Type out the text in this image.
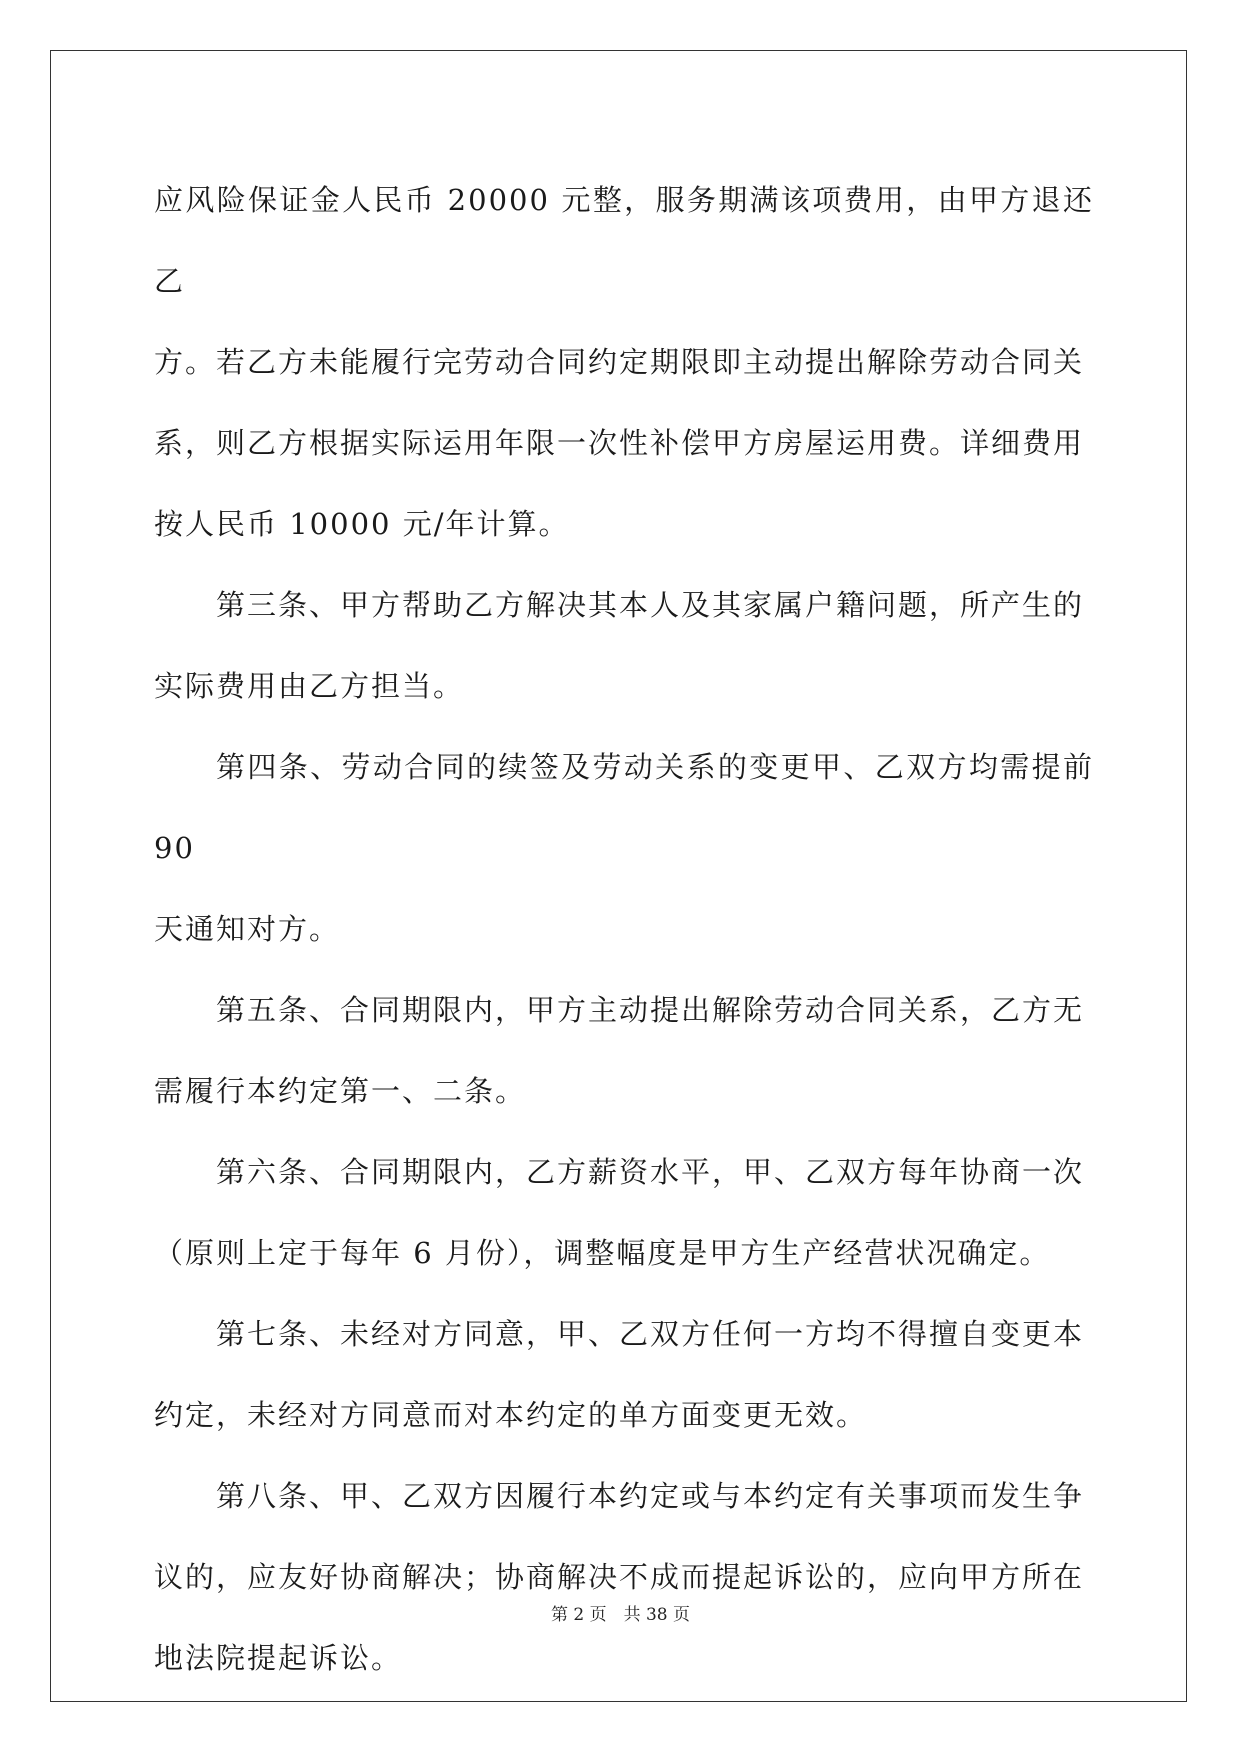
应风险保证金人民币 20000 元整，服务期满该项费用，由甲方退还乙
方。若乙方未能履行完劳动合同约定期限即主动提出解除劳动合同关
系，则乙方根据实际运用年限一次性补偿甲方房屋运用费。详细费用
按人民币 10000 元/年计算。

第三条、甲方帮助乙方解决其本人及其家属户籍问题，所产生的
实际费用由乙方担当。

第四条、劳动合同的续签及劳动关系的变更甲、乙双方均需提前 90
天通知对方。

第五条、合同期限内，甲方主动提出解除劳动合同关系，乙方无
需履行本约定第一、二条。

第六条、合同期限内，乙方薪资水平，甲、乙双方每年协商一次
（原则上定于每年 6 月份），调整幅度是甲方生产经营状况确定。

第七条、未经对方同意，甲、乙双方任何一方均不得擅自变更本
约定，未经对方同意而对本约定的单方面变更无效。

第八条、甲、乙双方因履行本约定或与本约定有关事项而发生争
议的，应友好协商解决；协商解决不成而提起诉讼的，应向甲方所在
地法院提起诉讼。

第 2 页　共 38 页
